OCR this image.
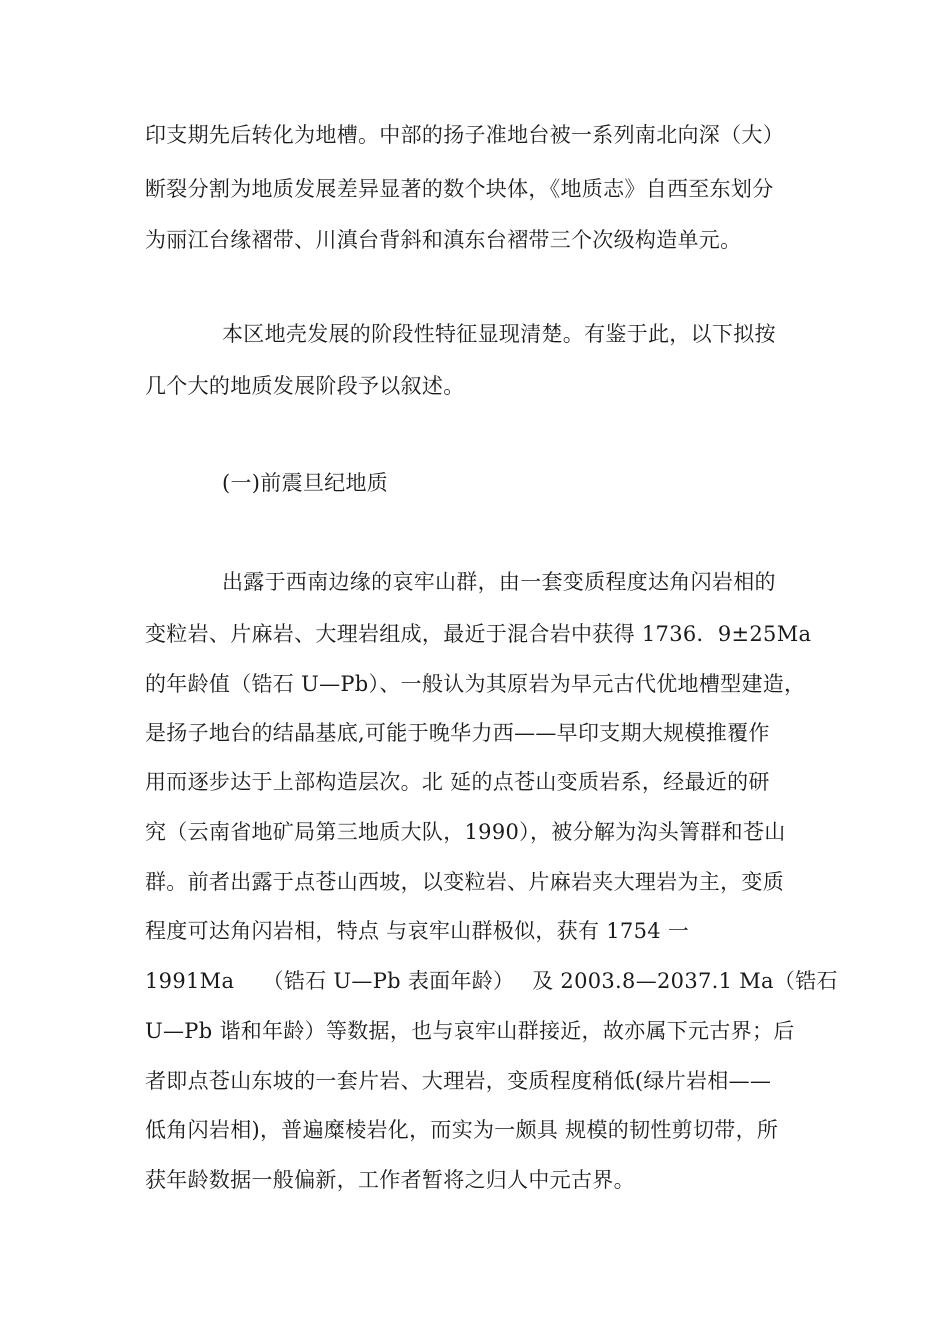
印支期先后转化为地槽。中部的扬子准地台被一系列南北向深（大）
断裂分割为地质发展差异显著的数个块体，《地质志》自西至东划分
为丽江台缘褶带、川滇台背斜和滇东台褶带三个次级构造单元。
本区地壳发展的阶段性特征显现清楚。有鉴于此，以下拟按
几个大的地质发展阶段予以叙述。
(一)前震旦纪地质
出露于西南边缘的哀牢山群，由一套变质程度达角闪岩相的
变粒岩、片麻岩、大理岩组成，最近于混合岩中获得 1736．9±25Ma
的年龄值（锆石 U—Pb）、一般认为其原岩为早元古代优地槽型建造，
是扬子地台的结晶基底,可能于晚华力西——早印支期大规模推覆作
用而逐步达于上部构造层次。北 延的点苍山变质岩系，经最近的研
究（云南省地矿局第三地质大队，1990），被分解为沟头箐群和苍山
群。前者出露于点苍山西坡，以变粒岩、片麻岩夹大理岩为主，变质
程度可达角闪岩相，特点 与哀牢山群极似，获有 1754 一
1991Ma　 （锆石 U—Pb 表面年龄）　 及 2003.8—2037.1 Ma（锆石
U—Pb 谐和年龄）等数据，也与哀牢山群接近，故亦属下元古界；后
者即点苍山东坡的一套片岩、大理岩，变质程度稍低(绿片岩相——
低角闪岩相)，普遍糜棱岩化，而实为一颇具 规模的韧性剪切带，所
获年龄数据一般偏新，工作者暂将之归人中元古界。
